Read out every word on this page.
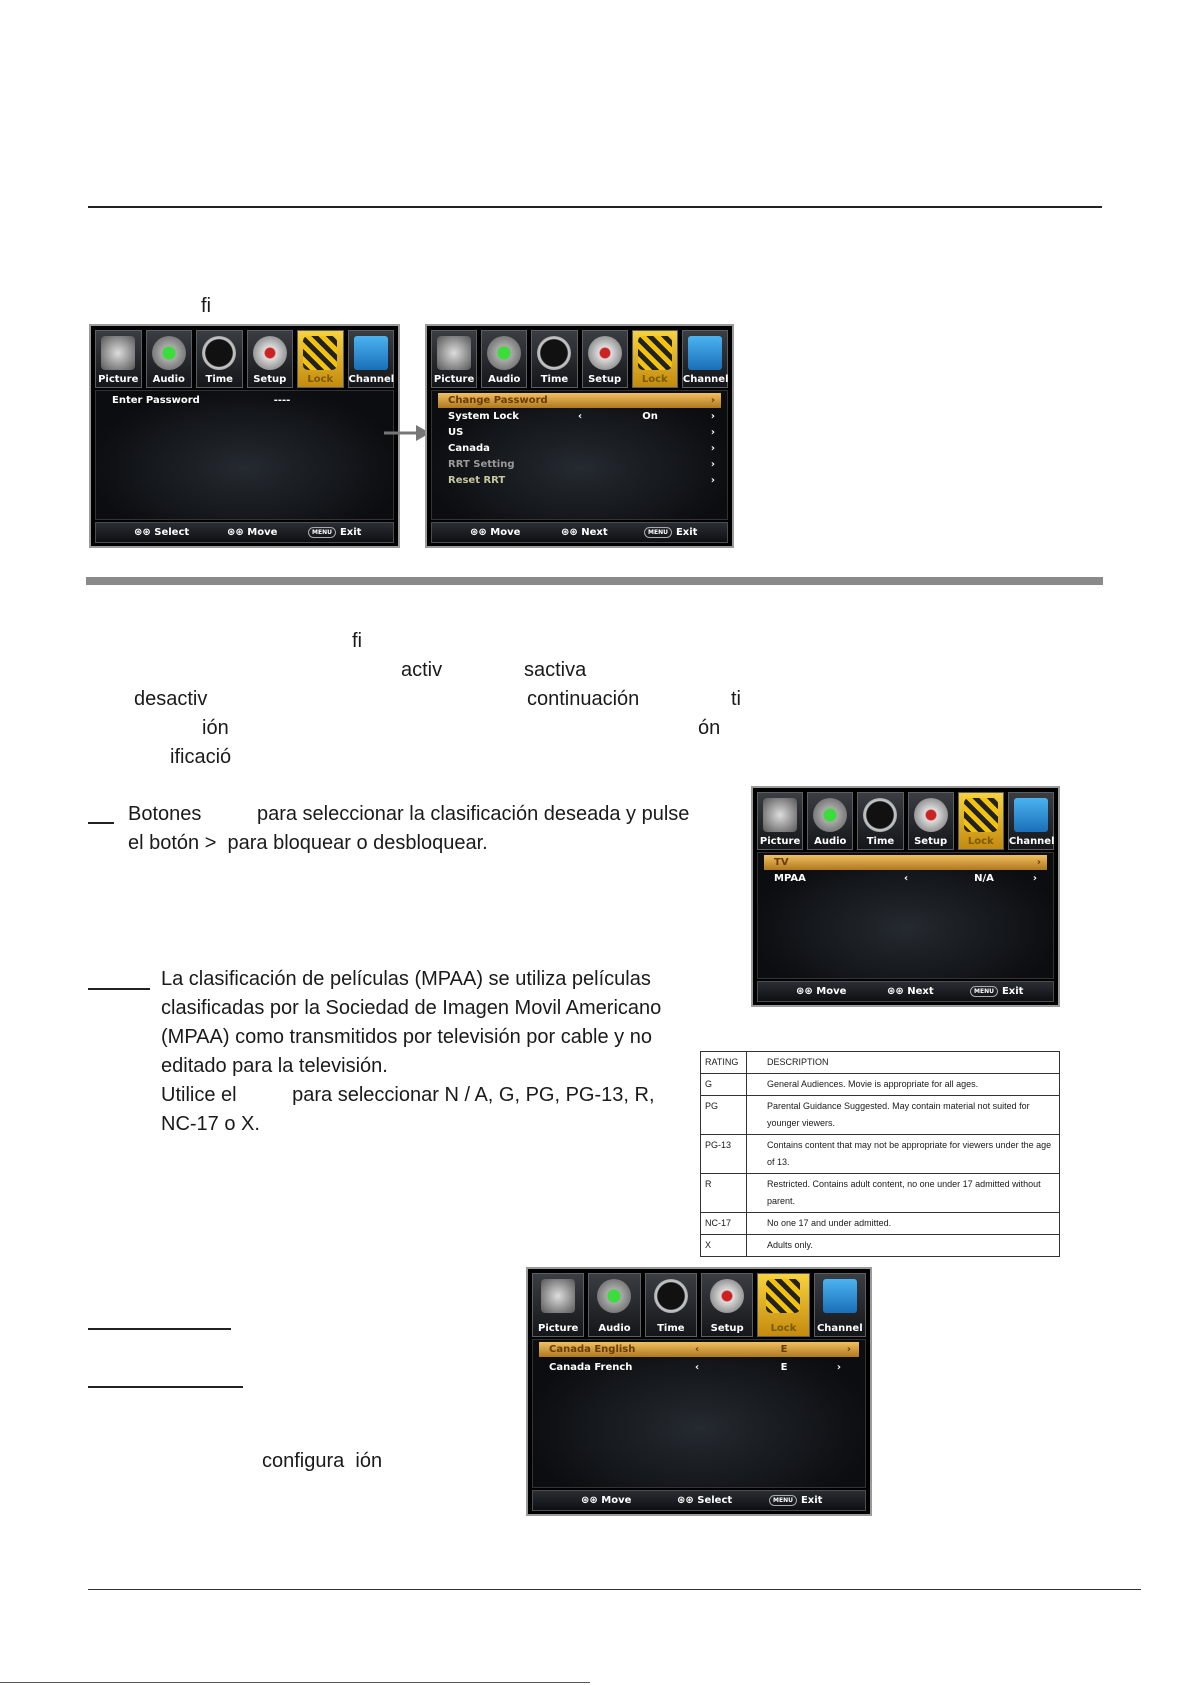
ﬁ
Picture	Audio	Time	Setup	Lock	Channel
Enter Password	----
⊛⊛ Select	⊛⊛ Move	MENU Exit
Picture	Audio	Time	Setup	Lock	Channel
Change Password	›
System Lock	‹	On	›
US	›
Canada	›
RRT Setting	›
Reset RRT	›
⊛⊛ Move	⊛⊛ Next	MENU Exit
ﬁ
activ	sactiva
desactiv	continuación	ti
ión	ón
ificació
Botones          para seleccionar la clasificación deseada y pulse
el botón >  para bloquear o desbloquear.	Picture	Audio	Time	Setup	Lock	Channel
TV	›
MPAA	‹	N/A	›
⊛⊛ Move	⊛⊛ Next	MENU Exit
La clasificación de películas (MPAA) se utiliza películas
clasificadas por la Sociedad de Imagen Movil Americano
(MPAA) como transmitidos por televisión por cable y no
editado para la televisión.
Utilice el          para seleccionar N / A, G, PG, PG-13, R,
NC-17 o X.
RATING	DESCRIPTION
G	General Audiences. Movie is appropriate for all ages.
PG	Parental Guidance Suggested. May contain material not suited for younger viewers.
PG-13	Contains content that may not be appropriate for viewers under the age of 13.
R	Restricted. Contains adult content, no one under 17 admitted without parent.
NC-17	No one 17 and under admitted.
X	Adults only.
configura  ión
Picture	Audio	Time	Setup	Lock	Channel
Canada English	‹	E	›
Canada French	‹	E	›
⊛⊛ Move	⊛⊛ Select	MENU Exit
